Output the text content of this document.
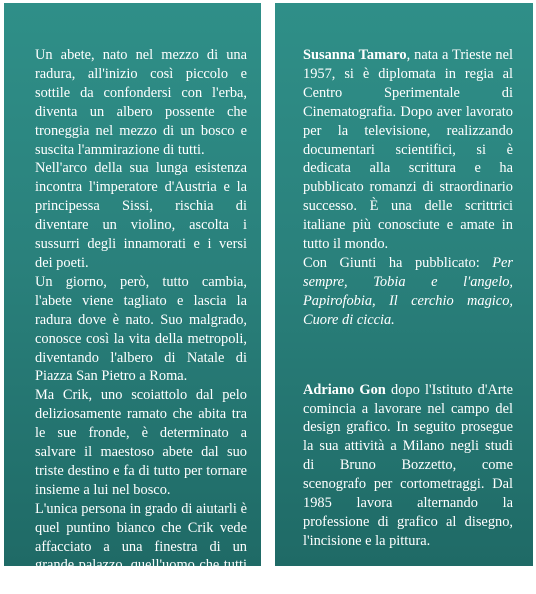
Un abete, nato nel mezzo di una radura, all'inizio così piccolo e sottile da confondersi con l'erba, diventa un albero possente che troneggia nel mezzo di un bosco e suscita l'ammirazione di tutti.

Nell'arco della sua lunga esistenza incontra l'imperatore d'Austria e la principessa Sissi, rischia di diventare un violino, ascolta i sussurri degli innamorati e i versi dei poeti.

Un giorno, però, tutto cambia, l'abete viene tagliato e lascia la radura dove è nato. Suo malgrado, conosce così la vita della metropoli, diventando l'albero di Natale di Piazza San Pietro a Roma.

Ma Crik, uno scoiattolo dal pelo deliziosamente ramato che abita tra le sue fronde, è determinato a salvare il maestoso abete dal suo triste destino e fa di tutto per tornare insieme a lui nel bosco.

L'unica persona in grado di aiutarli è quel puntino bianco che Crik vede affacciato a una finestra di un grande palazzo, quell'uomo che tutti ascoltano in devoto silenzio: il Papa.

Susanna Tamaro, nata a Trieste nel 1957, si è diplomata in regia al Centro Sperimentale di Cinematografia. Dopo aver lavorato per la televisione, realizzando documentari scientifici, si è dedicata alla scrittura e ha pubblicato romanzi di straordinario successo. È una delle scrittrici italiane più conosciute e amate in tutto il mondo.

Con Giunti ha pubblicato: Per sempre, Tobia e l'angelo, Papirofobia, Il cerchio magico, Cuore di ciccia.

Adriano Gon dopo l'Istituto d'Arte comincia a lavorare nel campo del design grafico. In seguito prosegue la sua attività a Milano negli studi di Bruno Bozzetto, come scenografo per cortometraggi. Dal 1985 lavora alternando la professione di grafico al disegno, l'incisione e la pittura.
